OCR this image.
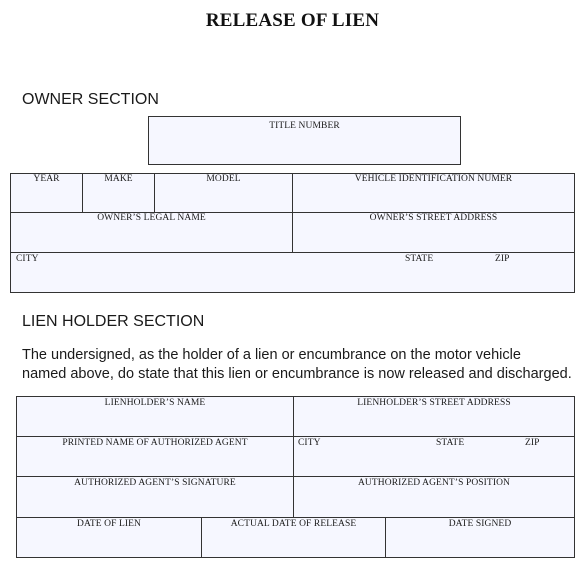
RELEASE OF LIEN
OWNER SECTION
TITLE NUMBER
YEAR	MAKE	MODEL	VEHICLE IDENTIFICATION NUMER
OWNER’S LEGAL NAME	OWNER’S STREET ADDRESS
CITY	STATE	ZIP
LIEN HOLDER SECTION
The undersigned, as the holder of a lien or encumbrance on the motor vehicle
named above, do state that this lien or encumbrance is now released and discharged.
LIENHOLDER’S NAME	LIENHOLDER’S STREET ADDRESS
PRINTED NAME OF AUTHORIZED AGENT	CITY	STATE	ZIP
AUTHORIZED AGENT’S SIGNATURE	AUTHORIZED AGENT’S POSITION
DATE OF LIEN	ACTUAL DATE OF RELEASE	DATE SIGNED
